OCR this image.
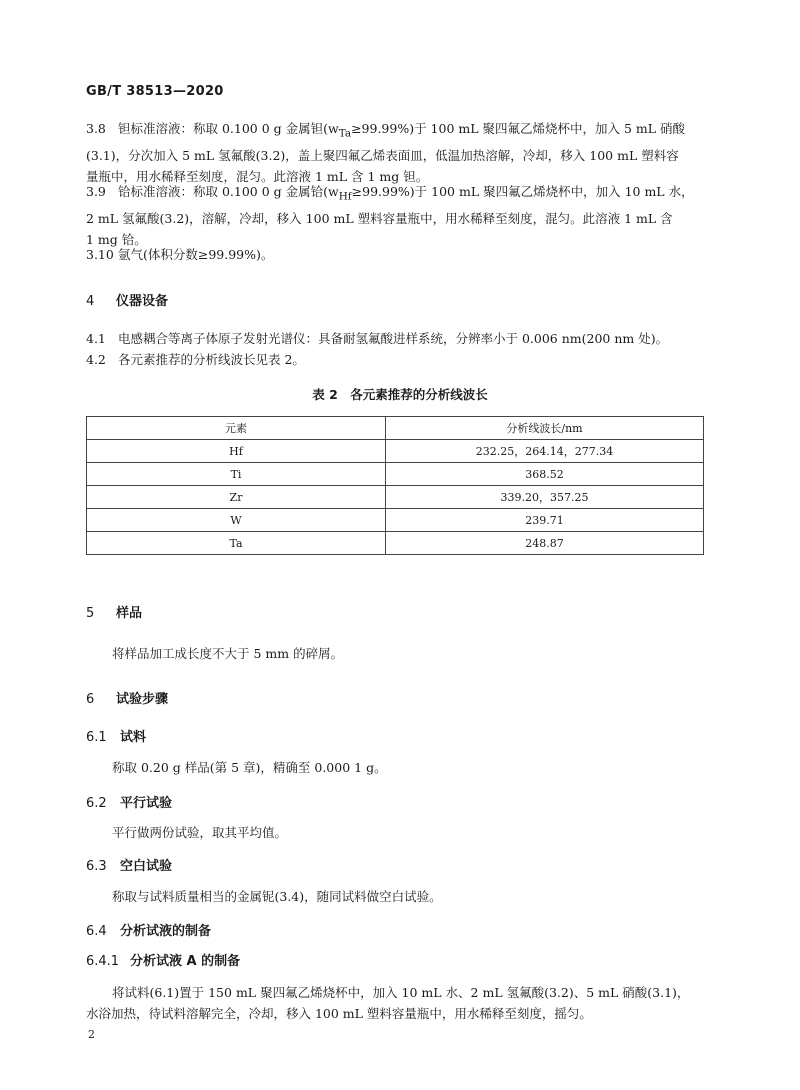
GB/T 38513—2020
3.8 钽标准溶液：称取 0.100 0 g 金属钽$(w_{Ta}\ge 99.99\%)$于 100 mL 聚四氟乙烯烧杯中，加入 5 mL 硝酸
(3.1)，分次加入 5 mL 氢氟酸(3.2)，盖上聚四氟乙烯表面皿，低温加热溶解，冷却，移入 100 mL 塑料容
量瓶中，用水稀释至刻度，混匀。此溶液 1 mL 含 1 mg 钽。
3.9 铪标准溶液：称取 0.100 0 g 金属铪$(w_{Hf}\ge 99.99\%)$于 100 mL 聚四氟乙烯烧杯中，加入 10 mL 水，
2 mL 氢氟酸(3.2)，溶解，冷却，移入 100 mL 塑料容量瓶中，用水稀释至刻度，混匀。此溶液 1 mL 含
1 mg 铪。
3.10 氩气(体积分数≥99.99%)。
4 仪器设备
4.1 电感耦合等离子体原子发射光谱仪：具备耐氢氟酸进样系统，分辨率小于 0.006 nm(200 nm 处)。
4.2 各元素推荐的分析线波长见表 2。
表 2　各元素推荐的分析线波长
元素	分析线波长/nm
Hf	232.25，264.14，277.34
Ti	368.52
Zr	339.20，357.25
W	239.71
Ta	248.87
5 样品
将样品加工成长度不大于 5 mm 的碎屑。
6 试验步骤
6.1 试料
称取 0.20 g 样品(第 5 章)，精确至 0.000 1 g。
6.2 平行试验
平行做两份试验，取其平均值。
6.3 空白试验
称取与试料质量相当的金属铌(3.4)，随同试料做空白试验。
6.4 分析试液的制备
6.4.1 分析试液 A 的制备
将试料(6.1)置于 150 mL 聚四氟乙烯烧杯中，加入 10 mL 水、2 mL 氢氟酸(3.2)、5 mL 硝酸(3.1)，
水浴加热，待试料溶解完全，冷却，移入 100 mL 塑料容量瓶中，用水稀释至刻度，摇匀。
2
